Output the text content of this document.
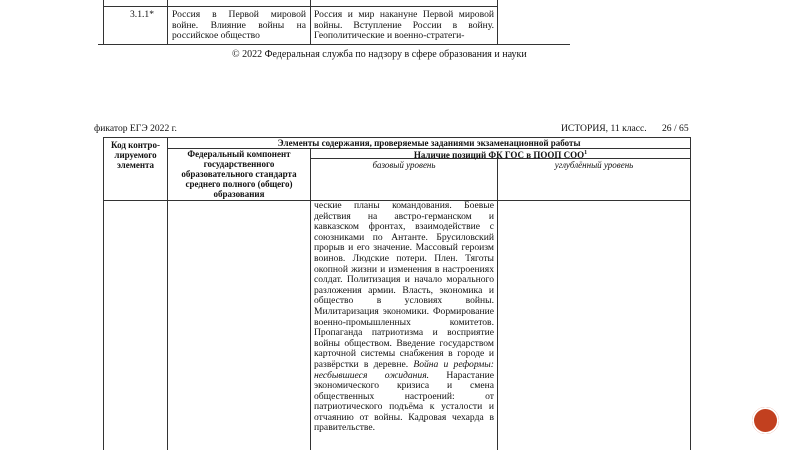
3.1.1* Россия в Первой мировой войне. Влияние войны на российское общество
Россия и мир накануне Первой мировой войны. Вступление России в войну. Геополитические и военно-стратеги-
© 2022 Федеральная служба по надзору в сфере образования и науки
фикатор ЕГЭ 2022 г.	ИСТОРИЯ, 11 класс. 26 / 65
Код контро-лируемого элемента
Элементы содержания, проверяемые заданиями экзаменационной работы
Федеральный компонент государственного образовательного стандарта среднего полного (общего) образования
Наличие позиций ФК ГОС в ПООП СОО$^1$
базовый уровень	углублённый уровень
ческие планы командования. Боевые действия на австро-германском и кавказском фронтах, взаимодействие с союзниками по Антанте. Брусиловский прорыв и его значение. Массовый героизм воинов. Людские потери. Плен. Тяготы окопной жизни и изменения в настроениях солдат. Политизация и начало морального разложения армии. Власть, экономика и общество в условиях войны. Милитаризация экономики. Формирование военно-промышленных комитетов. Пропаганда патриотизма и восприятие войны обществом. Введение государством карточной системы снабжения в городе и развёрстки в деревне. Война и реформы: несбывшиеся ожидания. Нарастание экономического кризиса и смена общественных настроений: от патриотического подъёма к усталости и отчаянию от войны. Кадровая чехарда в правительстве.
